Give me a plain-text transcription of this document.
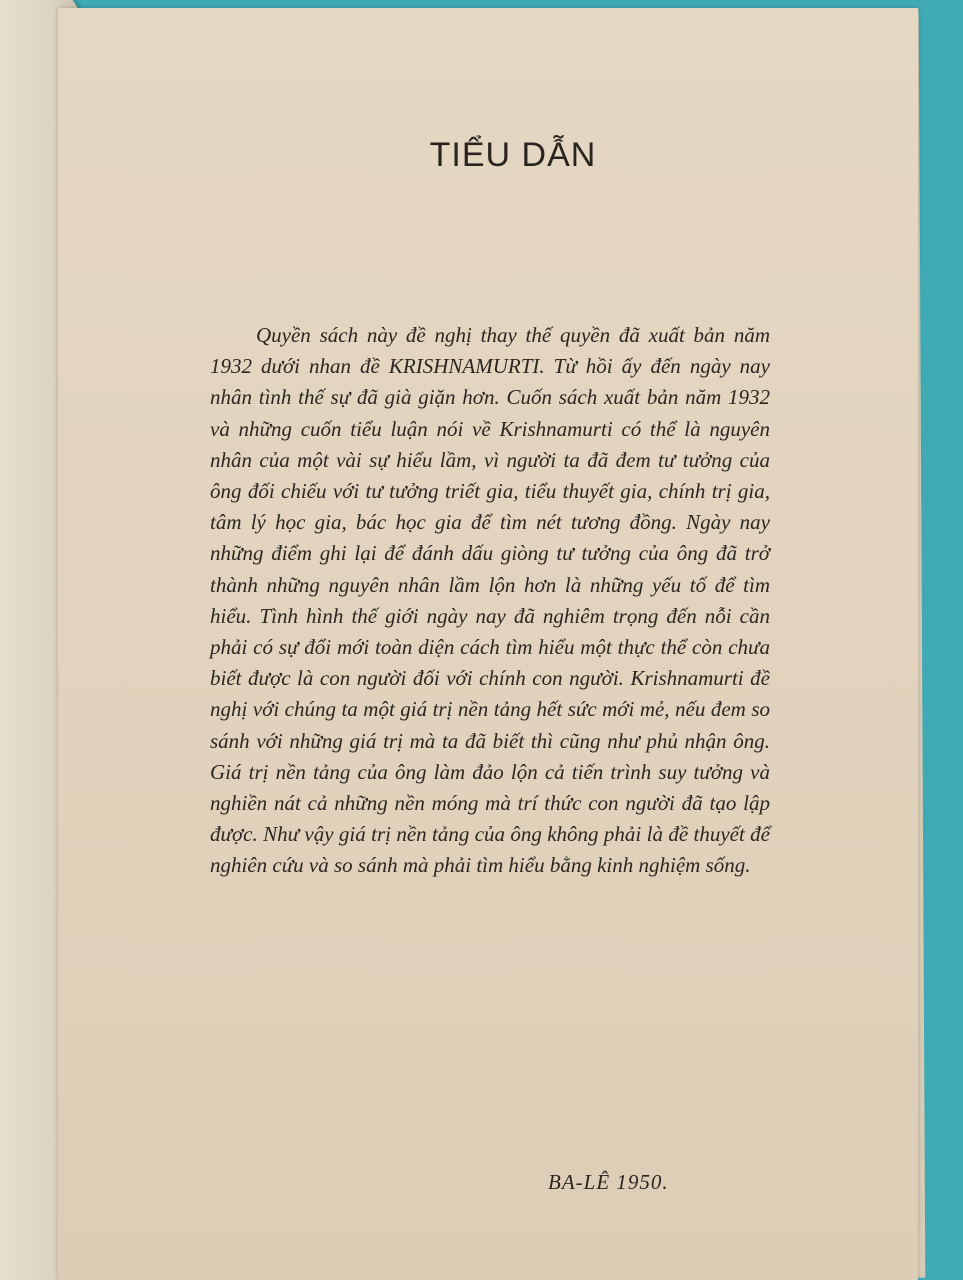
TIỂU DẪN

Quyền sách này đề nghị thay thế quyền đã xuất bản năm 1932 dưới nhan đề KRISHNAMURTI. Từ hồi ấy đến ngày nay nhân tình thế sự đã già giặn hơn. Cuốn sách xuất bản năm 1932 và những cuốn tiểu luận nói về Krishnamurti có thể là nguyên nhân của một vài sự hiểu lầm, vì người ta đã đem tư tưởng của ông đối chiếu với tư tưởng triết gia, tiểu thuyết gia, chính trị gia, tâm lý học gia, bác học gia để tìm nét tương đồng. Ngày nay những điểm ghi lại để đánh dấu giòng tư tưởng của ông đã trở thành những nguyên nhân lầm lộn hơn là những yếu tố để tìm hiểu. Tình hình thế giới ngày nay đã nghiêm trọng đến nỗi cần phải có sự đổi mới toàn diện cách tìm hiểu một thực thể còn chưa biết được là con người đối với chính con người. Krishnamurti đề nghị với chúng ta một giá trị nền tảng hết sức mới mẻ, nếu đem so sánh với những giá trị mà ta đã biết thì cũng như phủ nhận ông. Giá trị nền tảng của ông làm đảo lộn cả tiến trình suy tưởng và nghiền nát cả những nền móng mà trí thức con người đã tạo lập được. Như vậy giá trị nền tảng của ông không phải là đề thuyết để nghiên cứu và so sánh mà phải tìm hiểu bằng kinh nghiệm sống.

BA-LÊ 1950.
